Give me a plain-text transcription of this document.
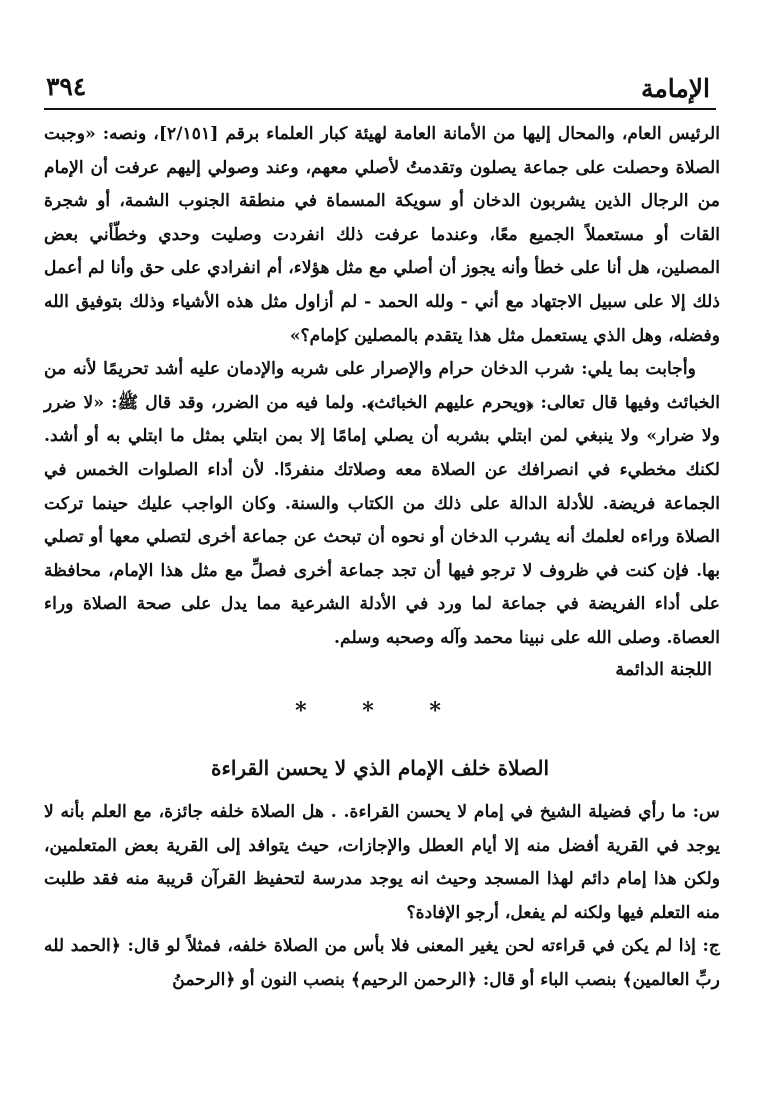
الإمامة
٣٩٤

الرئيس العام، والمحال إليها من الأمانة العامة لهيئة كبار العلماء برقم [٢/١٥١]، ونصه: «وجبت الصلاة وحصلت على جماعة يصلون وتقدمتُ لأصلي معهم، وعند وصولي إليهم عرفت أن الإمام من الرجال الذين يشربون الدخان أو سويكة المسماة في منطقة الجنوب الشمة، أو شجرة القات أو مستعملاً الجميع معًا، وعندما عرفت ذلك انفردت وصليت وحدي وخطّأني بعض المصلين، هل أنا على خطأ وأنه يجوز أن أصلي مع مثل هؤلاء، أم انفرادي على حق وأنا لم أعمل ذلك إلا على سبيل الاجتهاد مع أني - ولله الحمد - لم أزاول مثل هذه الأشياء وذلك بتوفيق الله وفضله، وهل الذي يستعمل مثل هذا يتقدم بالمصلين كإمام؟»

وأجابت بما يلي: شرب الدخان حرام والإصرار على شربه والإدمان عليه أشد تحريمًا لأنه من الخبائث وفيها قال تعالى: ﴿ويحرم عليهم الخبائث﴾. ولما فيه من الضرر، وقد قال ﷺ: «لا ضرر ولا ضرار» ولا ينبغي لمن ابتلي بشربه أن يصلي إمامًا إلا بمن ابتلي بمثل ما ابتلي به أو أشد. لكنك مخطيء في انصرافك عن الصلاة معه وصلاتك منفردًا. لأن أداء الصلوات الخمس في الجماعة فريضة. للأدلة الدالة على ذلك من الكتاب والسنة. وكان الواجب عليك حينما تركت الصلاة وراءه لعلمك أنه يشرب الدخان أو نحوه أن تبحث عن جماعة أخرى لتصلي معها أو تصلي بها. فإن كنت في ظروف لا ترجو فيها أن تجد جماعة أخرى فصلِّ مع مثل هذا الإمام، محافظة على أداء الفريضة في جماعة لما ورد في الأدلة الشرعية مما يدل على صحة الصلاة وراء العصاة. وصلى الله على نبينا محمد وآله وصحبه وسلم.

اللجنة الدائمة
* * *
الصلاة خلف الإمام الذي لا يحسن القراءة

س: ما رأي فضيلة الشيخ في إمام لا يحسن القراءة. . هل الصلاة خلفه جائزة، مع العلم بأنه لا يوجد في القرية أفضل منه إلا أيام العطل والإجازات، حيث يتوافد إلى القرية بعض المتعلمين، ولكن هذا إمام دائم لهذا المسجد وحيث انه يوجد مدرسة لتحفيظ القرآن قريبة منه فقد طلبت منه التعلم فيها ولكنه لم يفعل، أرجو الإفادة؟

ج: إذا لم يكن في قراءته لحن يغير المعنى فلا بأس من الصلاة خلفه، فمثلاً لو قال: ﴿الحمد لله ربِّ العالمين﴾ بنصب الباء أو قال: ﴿الرحمن الرحيم﴾ بنصب النون أو ﴿الرحمنُ
